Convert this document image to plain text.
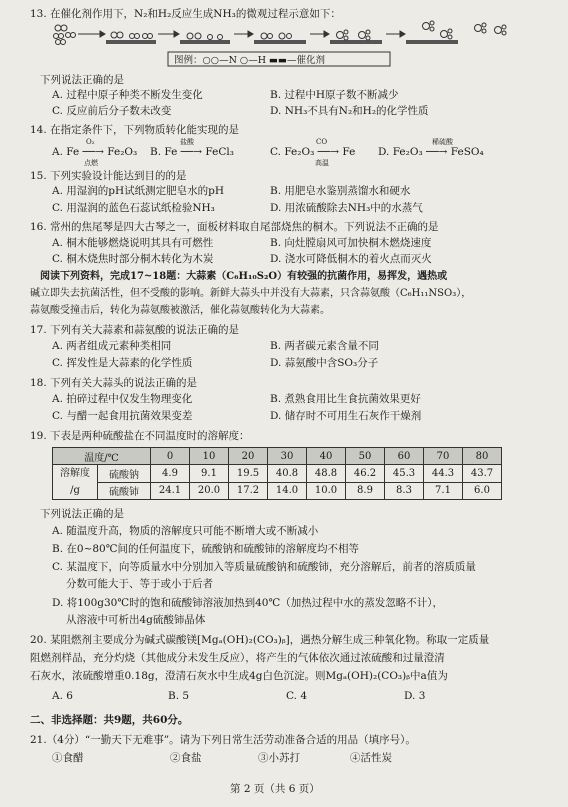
13. 在催化剂作用下，N₂和H₂反应生成NH₃的微观过程示意如下：
图例：○○—N ○—H ▬▬—催化剂
下列说法正确的是
A. 过程中原子种类不断发生变化	B. 过程中H原子数不断减少
C. 反应前后分子数未改变	D. NH₃不具有N₂和H₂的化学性质
14. 在指定条件下，下列物质转化能实现的是
A. Fe ──→ Fe₂O₃
O₂
点燃
B. Fe ──→ FeCl₃
盐酸
C. Fe₂O₃ ──→ Fe
CO
高温
D. Fe₂O₃ ──→ FeSO₄
稀硫酸
15. 下列实验设计能达到目的的是
A. 用湿润的pH试纸测定肥皂水的pH	B. 用肥皂水鉴别蒸馏水和硬水
C. 用湿润的蓝色石蕊试纸检验NH₃	D. 用浓硫酸除去NH₃中的水蒸气
16. 常州的焦尾琴是四大古琴之一，面板材料取自尾部烧焦的桐木。下列说法不正确的是
A. 桐木能够燃烧说明其具有可燃性	B. 向灶膛扇风可加快桐木燃烧速度
C. 桐木烧焦时部分桐木转化为木炭	D. 浇水可降低桐木的着火点而灭火
阅读下列资料，完成17~18题：大蒜素（C₆H₁₀S₂O）有较强的抗菌作用，易挥发，遇热或
碱立即失去抗菌活性，但不受酸的影响。新鲜大蒜头中并没有大蒜素，只含蒜氨酸（C₆H₁₁NSO₃），
蒜氨酸受撞击后，转化为蒜氨酸被激活，催化蒜氨酸转化为大蒜素。
17. 下列有关大蒜素和蒜氨酸的说法正确的是
A. 两者组成元素种类相同	B. 两者碳元素含量不同
C. 挥发性是大蒜素的化学性质	D. 蒜氨酸中含SO₃分子
18. 下列有关大蒜头的说法正确的是
A. 拍碎过程中仅发生物理变化	B. 煮熟食用比生食抗菌效果更好
C. 与醋一起食用抗菌效果变差	D. 储存时不可用生石灰作干燥剂
19. 下表是两种硫酸盐在不同温度时的溶解度：
温度/℃		0	10	20	30	40	50	60	70	80

溶解度
/g	硫酸钠	4.9	9.1	19.5	40.8	48.8	46.2	45.3	44.3	43.7
	硫酸铈	24.1	20.0	17.2	14.0	10.0	8.9	8.3	7.1	6.0
下列说法正确的是
A. 随温度升高，物质的溶解度只可能不断增大或不断减小
B. 在0~80℃间的任何温度下，硫酸钠和硫酸铈的溶解度均不相等
C. 某温度下，向等质量水中分别加入等质量硫酸钠和硫酸铈，充分溶解后，前者的溶质质量
分数可能大于、等于或小于后者
D. 将100g30℃时的饱和硫酸铈溶液加热到40℃（加热过程中水的蒸发忽略不计），
从溶液中可析出4g硫酸铈晶体
20. 某阻燃剂主要成分为碱式碳酸镁[Mgₐ(OH)₂(CO₃)ᵦ]，遇热分解生成三种氧化物。称取一定质量
阻燃剂样品，充分灼烧（其他成分未发生反应），将产生的气体依次通过浓硫酸和过量澄清
石灰水，浓硫酸增重0.18g，澄清石灰水中生成4g白色沉淀。则Mgₐ(OH)₂(CO₃)ᵦ中a值为
A. 6	B. 5	C. 4	D. 3
二、非选择题：共9题，共60分。
21.（4分）“一勤天下无难事”。请为下列日常生活劳动准备合适的用品（填序号）。
①食醋	②食盐	③小苏打	④活性炭
第 2 页（共 6 页）
